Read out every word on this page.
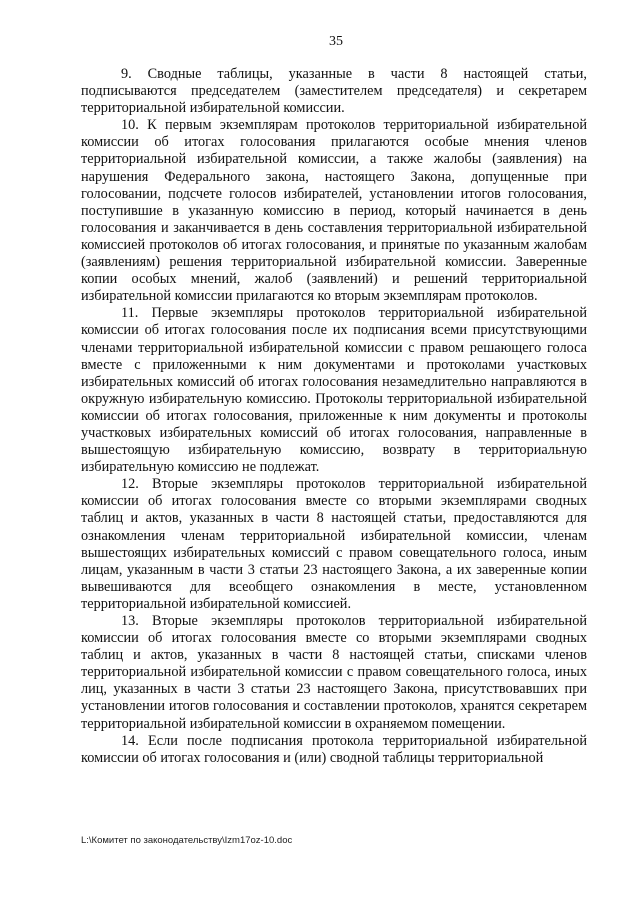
35

9. Сводные таблицы, указанные в части 8 настоящей статьи, подписываются председателем (заместителем председателя) и секретарем территориальной избирательной комиссии.

10. К первым экземплярам протоколов территориальной избирательной комиссии об итогах голосования прилагаются особые мнения членов территориальной избирательной комиссии, а также жалобы (заявления) на нарушения Федерального закона, настоящего Закона, допущенные при голосовании, подсчете голосов избирателей, установлении итогов голосования, поступившие в указанную комиссию в период, который начинается в день голосования и заканчивается в день составления территориальной избирательной комиссией протоколов об итогах голосования, и принятые по указанным жалобам (заявлениям) решения территориальной избирательной комиссии. Заверенные копии особых мнений, жалоб (заявлений) и решений территориальной избирательной комиссии прилагаются ко вторым экземплярам протоколов.

11. Первые экземпляры протоколов территориальной избирательной комиссии об итогах голосования после их подписания всеми присутствующими членами территориальной избирательной комиссии с правом решающего голоса вместе с приложенными к ним документами и протоколами участковых избирательных комиссий об итогах голосования незамедлительно направляются в окружную избирательную комиссию. Протоколы территориальной избирательной комиссии об итогах голосования, приложенные к ним документы и протоколы участковых избирательных комиссий об итогах голосования, направленные в вышестоящую избирательную комиссию, возврату в территориальную избирательную комиссию не подлежат.

12. Вторые экземпляры протоколов территориальной избирательной комиссии об итогах голосования вместе со вторыми экземплярами сводных таблиц и актов, указанных в части 8 настоящей статьи, предоставляются для ознакомления членам территориальной избирательной комиссии, членам вышестоящих избирательных комиссий с правом совещательного голоса, иным лицам, указанным в части 3 статьи 23 настоящего Закона, а их заверенные копии вывешиваются для всеобщего ознакомления в месте, установленном территориальной избирательной комиссией.

13. Вторые экземпляры протоколов территориальной избирательной комиссии об итогах голосования вместе со вторыми экземплярами сводных таблиц и актов, указанных в части 8 настоящей статьи, списками членов территориальной избирательной комиссии с правом совещательного голоса, иных лиц, указанных в части 3 статьи 23 настоящего Закона, присутствовавших при установлении итогов голосования и составлении протоколов, хранятся секретарем территориальной избирательной комиссии в охраняемом помещении.

14. Если после подписания протокола территориальной избирательной комиссии об итогах голосования и (или) сводной таблицы территориальной

L:\Комитет по законодательству\Izm17oz-10.doc
